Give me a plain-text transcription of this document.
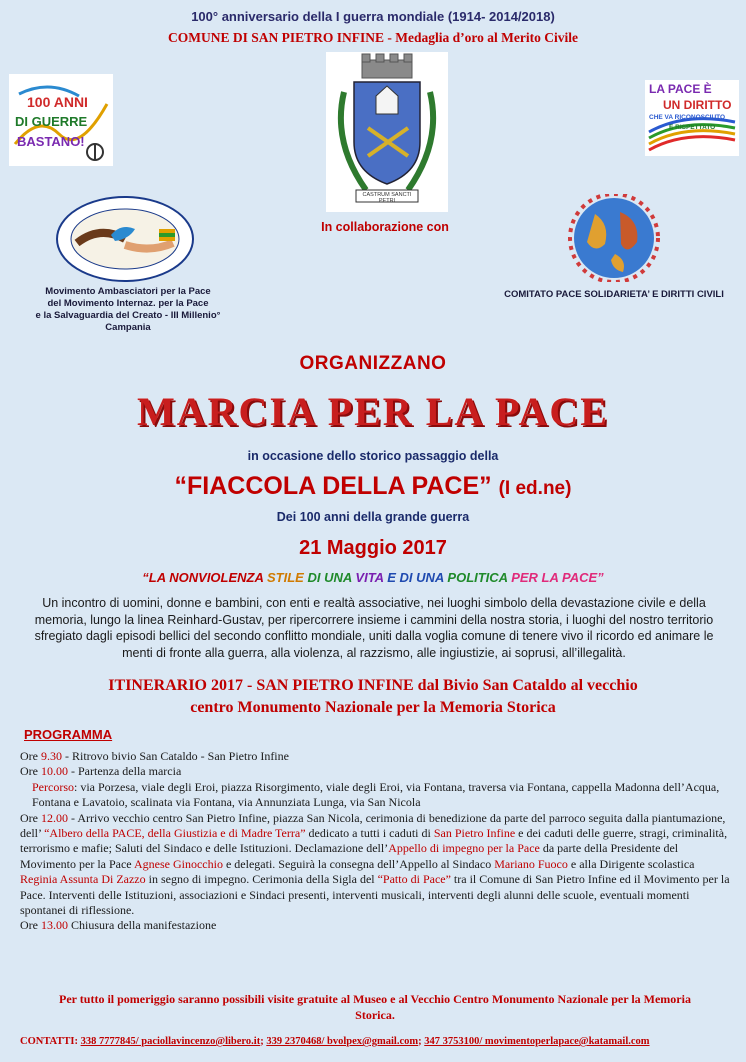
100° anniversario della I guerra mondiale (1914- 2014/2018)
COMUNE DI SAN PIETRO INFINE - Medaglia d’oro al Merito Civile
100 ANNI
DI GUERRE
BASTANO!
CASTRUM SANCTI PETRI
LA PACE È
UN DIRITTO
CHE VA RICONOSCIUTO
E RISPETTATO
Movimento Ambasciatori per la Pace
del Movimento Internaz. per la Pace
e la Salvaguardia del Creato - III Millenio°
Campania
In collaborazione con
COMITATO PACE SOLIDARIETA’ E DIRITTI CIVILI
ORGANIZZANO
MARCIA PER LA PACE
in occasione dello storico passaggio della
“FIACCOLA DELLA PACE” (I ed.ne)
Dei 100 anni della grande guerra
21 Maggio 2017
“LA NONVIOLENZA STILE DI UNA VITA E DI UNA POLITICA PER LA PACE”
Un incontro di uomini, donne e bambini, con enti e realtà associative, nei luoghi simbolo della devastazione civile e della memoria, lungo la linea Reinhard-Gustav, per ripercorrere insieme i cammini della nostra storia, i luoghi del nostro territorio sfregiato dagli episodi bellici del secondo conflitto mondiale, uniti dalla voglia comune di tenere vivo il ricordo ed animare le menti di fronte alla guerra, alla violenza, al razzismo, alle ingiustizie, ai soprusi, all’illegalità.
ITINERARIO 2017 - SAN PIETRO INFINE dal Bivio San Cataldo al vecchio
centro Monumento Nazionale per la Memoria Storica
PROGRAMMA

Ore 9.30 - Ritrovo bivio San Cataldo - San Pietro Infine

Ore 10.00 - Partenza della marcia

Percorso: via Porzesa, viale degli Eroi, piazza Risorgimento, viale degli Eroi, via Fontana, traversa via Fontana, cappella Madonna dell’Acqua, Fontana e Lavatoio, scalinata via Fontana, via Annunziata Lunga, via San Nicola

Ore 12.00 - Arrivo vecchio centro San Pietro Infine, piazza San Nicola, cerimonia di benedizione da parte del parroco seguita dalla piantumazione, dell’ “Albero della PACE, della Giustizia e di Madre Terra” dedicato a tutti i caduti di San Pietro Infine e dei caduti delle guerre, stragi, criminalità, terrorismo e mafie; Saluti del Sindaco e delle Istituzioni. Declamazione dell’Appello di impegno per la Pace da parte della Presidente del Movimento per la Pace Agnese Ginocchio e delegati. Seguirà la consegna dell’Appello al Sindaco Mariano Fuoco e alla Dirigente scolastica Reginia Assunta Di Zazzo in segno di impegno. Cerimonia della Sigla del “Patto di Pace” tra il Comune di San Pietro Infine ed il Movimento per la Pace. Interventi delle Istituzioni, associazioni e Sindaci presenti, interventi musicali, interventi degli alunni delle scuole, eventuali momenti spontanei di riflessione.

Ore 13.00 Chiusura della manifestazione

Per tutto il pomeriggio saranno possibili visite gratuite al Museo e al Vecchio Centro Monumento Nazionale per la Memoria Storica.
CONTATTI: 338 7777845/ paciollavincenzo@libero.it; 339 2370468/ bvolpex@gmail.com; 347 3753100/ movimentoperlapace@katamail.com
